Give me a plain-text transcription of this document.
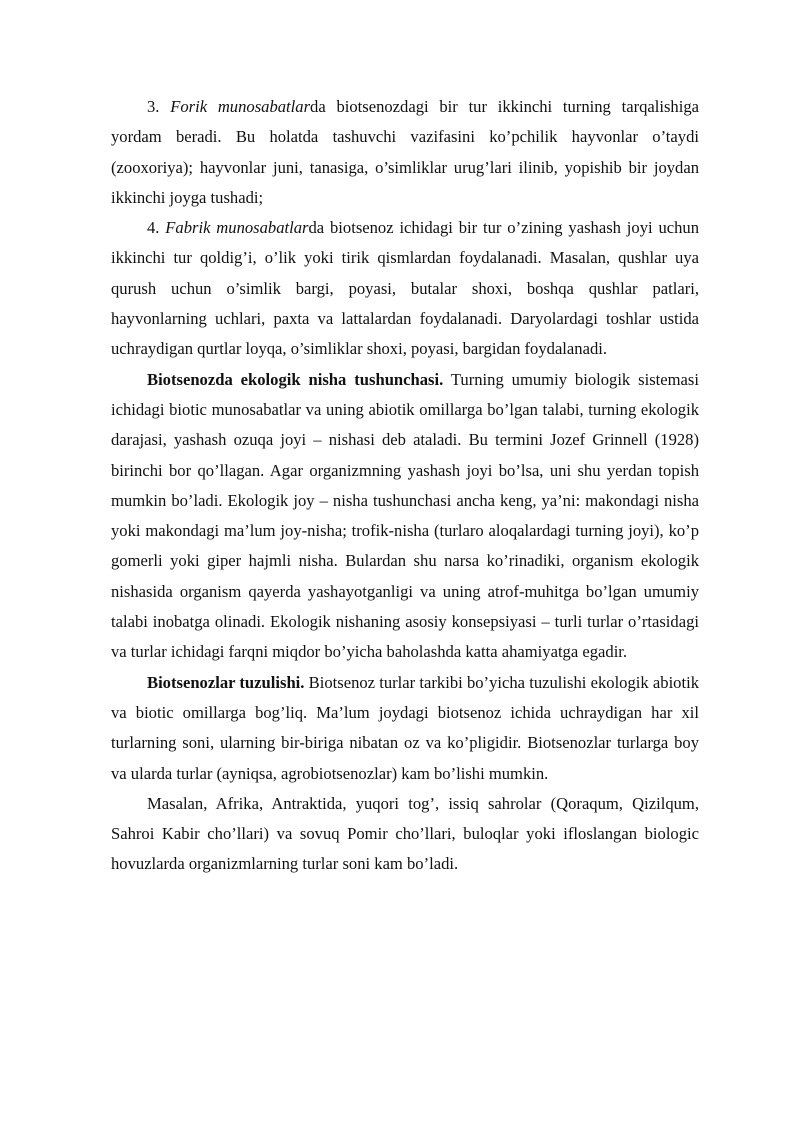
3. Forik munosabatlarda biotsenozdagi bir tur ikkinchi turning tarqalishiga yordam beradi. Bu holatda tashuvchi vazifasini ko’pchilik hayvonlar o’taydi (zooxoriya); hayvonlar juni, tanasiga, o’simliklar urug’lari ilinib, yopishib bir joydan ikkinchi joyga tushadi;

4. Fabrik munosabatlarda biotsenoz ichidagi bir tur o’zining yashash joyi uchun ikkinchi tur qoldig’i, o’lik yoki tirik qismlardan foydalanadi. Masalan, qushlar uya qurush uchun o’simlik bargi, poyasi, butalar shoxi, boshqa qushlar patlari, hayvonlarning uchlari, paxta va lattalardan foydalanadi. Daryolardagi toshlar ustida uchraydigan qurtlar loyqa, o’simliklar shoxi, poyasi, bargidan foydalanadi.

Biotsenozda ekologik nisha tushunchasi. Turning umumiy biologik sistemasi ichidagi biotic munosabatlar va uning abiotik omillarga bo’lgan talabi, turning ekologik darajasi, yashash ozuqa joyi – nishasi deb ataladi. Bu termini Jozef Grinnell (1928) birinchi bor qo’llagan. Agar organizmning yashash joyi bo’lsa, uni shu yerdan topish mumkin bo’ladi. Ekologik joy – nisha tushunchasi ancha keng, ya’ni: makondagi nisha yoki makondagi ma’lum joy-nisha; trofik-nisha (turlaro aloqalardagi turning joyi), ko’p gomerli yoki giper hajmli nisha. Bulardan shu narsa ko’rinadiki, organism ekologik nishasida organism qayerda yashayotganligi va uning atrof-muhitga bo’lgan umumiy talabi inobatga olinadi. Ekologik nishaning asosiy konsepsiyasi – turli turlar o’rtasidagi va turlar ichidagi farqni miqdor bo’yicha baholashda katta ahamiyatga egadir.

Biotsenozlar tuzulishi. Biotsenoz turlar tarkibi bo’yicha tuzulishi ekologik abiotik va biotic omillarga bog’liq. Ma’lum joydagi biotsenoz ichida uchraydigan har xil turlarning soni, ularning bir-biriga nibatan oz va ko’pligidir. Biotsenozlar turlarga boy va ularda turlar (ayniqsa, agrobiotsenozlar) kam bo’lishi mumkin.

Masalan, Afrika, Antraktida, yuqori tog’, issiq sahrolar (Qoraqum, Qizilqum, Sahroi Kabir cho’llari) va sovuq Pomir cho’llari, buloqlar yoki ifloslangan biologic hovuzlarda organizmlarning turlar soni kam bo’ladi.
